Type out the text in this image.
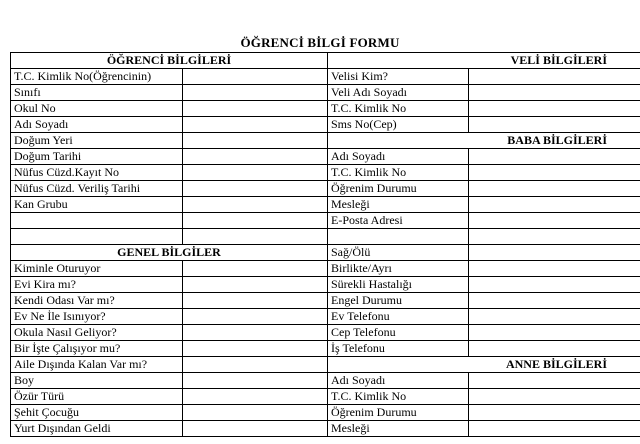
ÖĞRENCİ BİLGİ FORMU
ÖĞRENCİ BİLGİLERİ		VELİ BİLGİLERİ	
T.C. Kimlik No(Öğrencinin)		Velisi Kim?	
Sınıfı		Veli Adı Soyadı	
Okul No		T.C. Kimlik No	
Adı Soyadı		Sms No(Cep)	
Doğum Yeri		BABA BİLGİLERİ	
Doğum Tarihi		Adı Soyadı	
Nüfus Cüzd.Kayıt No		T.C. Kimlik No	
Nüfus Cüzd. Veriliş Tarihi		Öğrenim Durumu	
Kan Grubu		Mesleği	
		E-Posta Adresi	

GENEL BİLGİLER		Sağ/Ölü	
Kiminle Oturuyor		Birlikte/Ayrı	
Evi Kira mı?		Sürekli Hastalığı	
Kendi Odası Var mı?		Engel Durumu	
Ev Ne İle Isınıyor?		Ev Telefonu	
Okula Nasıl Geliyor?		Cep Telefonu	
Bir İşte Çalışıyor mu?		İş Telefonu	
Aile Dışında Kalan Var mı?		ANNE BİLGİLERİ	
Boy		Adı Soyadı	
Özür Türü		T.C. Kimlik No	
Şehit Çocuğu		Öğrenim Durumu	
Yurt Dışından Geldi		Mesleği	
